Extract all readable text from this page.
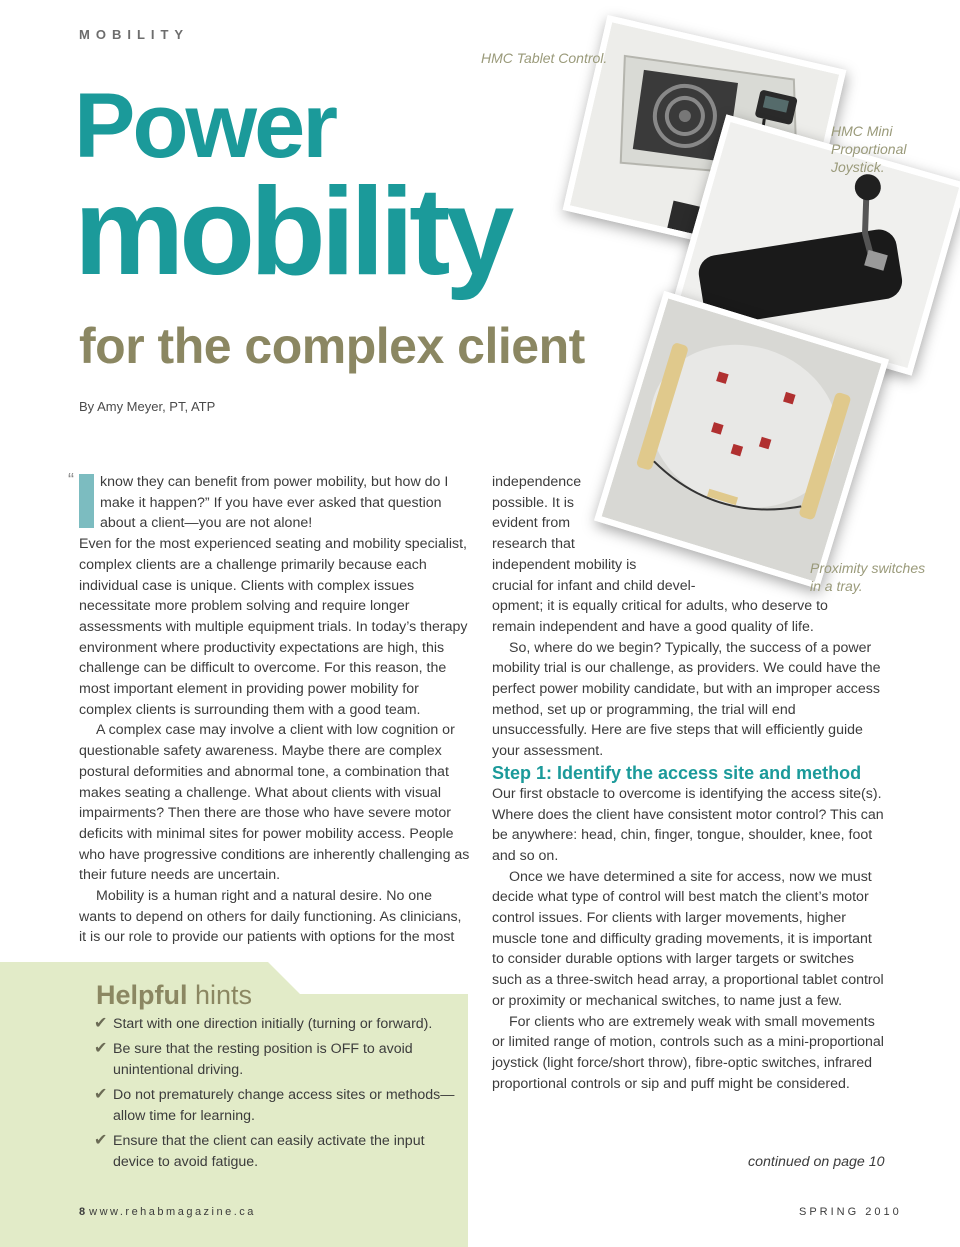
MOBILITY
Power
mobility
for the complex client
By Amy Meyer, PT, ATP
HMC Tablet Control.
HMC Mini Proportional Joystick.
Proximity switches in a tray.
“	know they can benefit from power mobility, but how do I make it happen?” If you have ever asked that question about a client—you are not alone!

Even for the most experienced seating and mobility specialist, complex clients are a challenge primarily because each individual case is unique. Clients with complex issues necessitate more problem solving and require longer assessments with multiple equipment trials. In today’s therapy environment where productivity expectations are high, this challenge can be difficult to overcome. For this reason, the most important element in providing power mobility for complex clients is surrounding them with a good team.

A complex case may involve a client with low cognition or questionable safety awareness. Maybe there are complex postural deformities and abnormal tone, a combination that makes seating a challenge. What about clients with visual impairments? Then there are those who have severe motor deficits with minimal sites for power mobility access. People who have progressive conditions are inherently challenging as their future needs are uncertain.

Mobility is a human right and a natural desire. No one wants to depend on others for daily functioning. As clinicians, it is our role to provide our patients with options for the most

independence

possible. It is

evident from

research that

independent mobility is

crucial for infant and child devel-

opment; it is equally critical for adults, who deserve to remain independent and have a good quality of life.

So, where do we begin? Typically, the success of a power mobility trial is our challenge, as providers. We could have the perfect power mobility candidate, but with an improper access method, set up or programming, the trial will end unsuccessfully. Here are five steps that will efficiently guide your assessment.

Step 1: Identify the access site and method

Our first obstacle to overcome is identifying the access site(s). Where does the client have consistent motor control? This can be anywhere: head, chin, finger, tongue, shoulder, knee, foot and so on.

Once we have determined a site for access, now we must decide what type of control will best match the client’s motor control issues. For clients with larger movements, higher muscle tone and difficulty grading movements, it is important to consider durable options with larger targets or switches such as a three-switch head array, a proportional tablet control or proximity or mechanical switches, to name just a few.

For clients who are extremely weak with small movements or limited range of motion, controls such as a mini-proportional joystick (light force/short throw), fibre-optic switches, infrared proportional controls or sip and puff might be considered.

continued on page 10
Helpful hints
✔ Start with one direction initially (turning or forward).
✔ Be sure that the resting position is OFF to avoid unintentional driving.
✔ Do not prematurely change access sites or methods—allow time for learning.
✔ Ensure that the client can easily activate the input device to avoid fatigue.
8 www.rehabmagazine.ca	SPRING 2010
